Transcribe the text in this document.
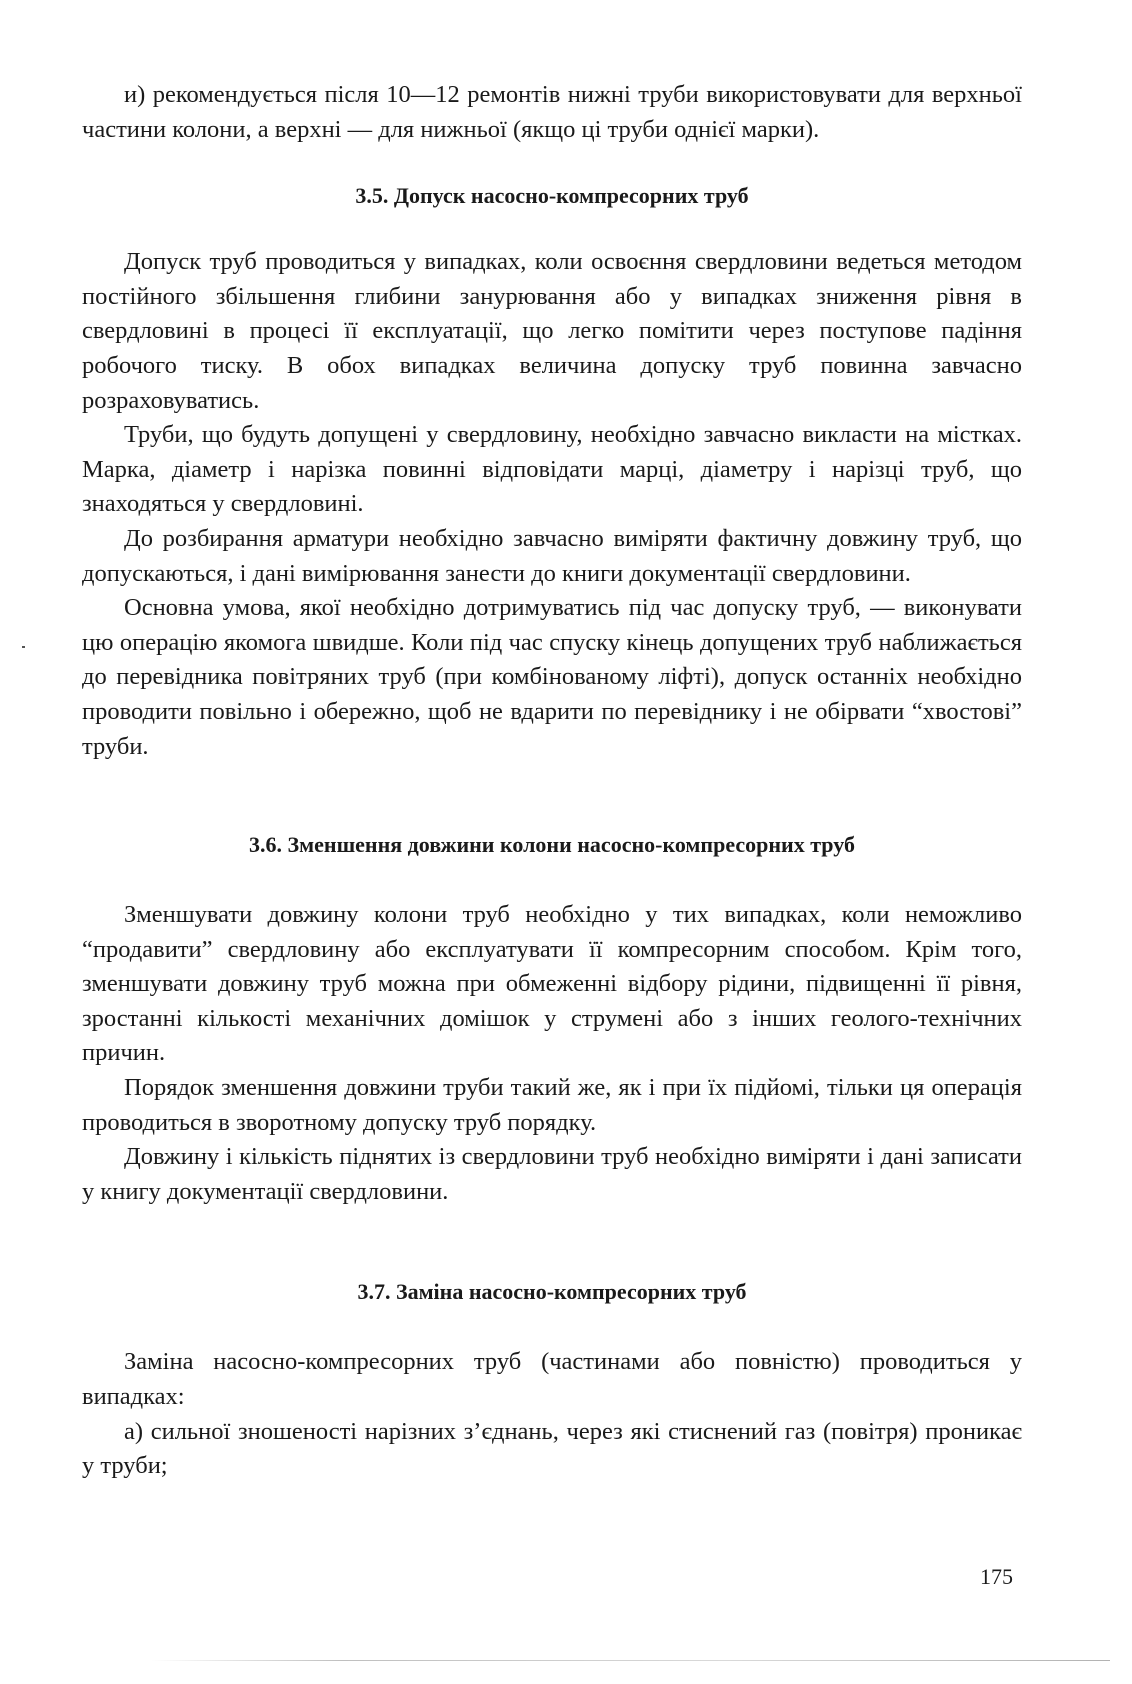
и) рекомендується після 10—12 ремонтів нижні труби використовувати для верхньої частини колони, а верхні — для нижньої (якщо ці труби однієї марки).

3.5. Допуск насосно-компресорних труб

Допуск труб проводиться у випадках, коли освоєння свердловини ведеться методом постійного збільшення глибини занурювання або у випадках зниження рівня в свердловині в процесі її експлуатації, що легко помітити через поступове падіння робочого тиску. В обох випадках величина допуску труб повинна завчасно розраховуватись.

Труби, що будуть допущені у свердловину, необхідно завчасно викласти на містках. Марка, діаметр і нарізка повинні відповідати марці, діаметру і нарізці труб, що знаходяться у свердловині.

До розбирання арматури необхідно завчасно виміряти фактичну довжину труб, що допускаються, і дані вимірювання занести до книги документації свердловини.

Основна умова, якої необхідно дотримуватись під час допуску труб, — виконувати цю операцію якомога швидше. Коли під час спуску кінець допущених труб наближається до перевідника повітряних труб (при комбінованому ліфті), допуск останніх необхідно проводити повільно і обережно, щоб не вдарити по перевіднику і не обірвати “хвостові” труби.

3.6. Зменшення довжини колони насосно-компресорних труб

Зменшувати довжину колони труб необхідно у тих випадках, коли неможливо “продавити” свердловину або експлуатувати її компресорним способом. Крім того, зменшувати довжину труб можна при обмеженні відбору рідини, підвищенні її рівня, зростанні кількості механічних домішок у струмені або з інших геолого-технічних причин.

Порядок зменшення довжини труби такий же, як і при їх підйомі, тільки ця операція проводиться в зворотному допуску труб порядку.

Довжину і кількість піднятих із свердловини труб необхідно виміряти і дані записати у книгу документації свердловини.

3.7. Заміна насосно-компресорних труб

Заміна насосно-компресорних труб (частинами або повністю) проводиться у випадках:

а) сильної зношеності нарізних з’єднань, через які стиснений газ (повітря) проникає у труби;

175
